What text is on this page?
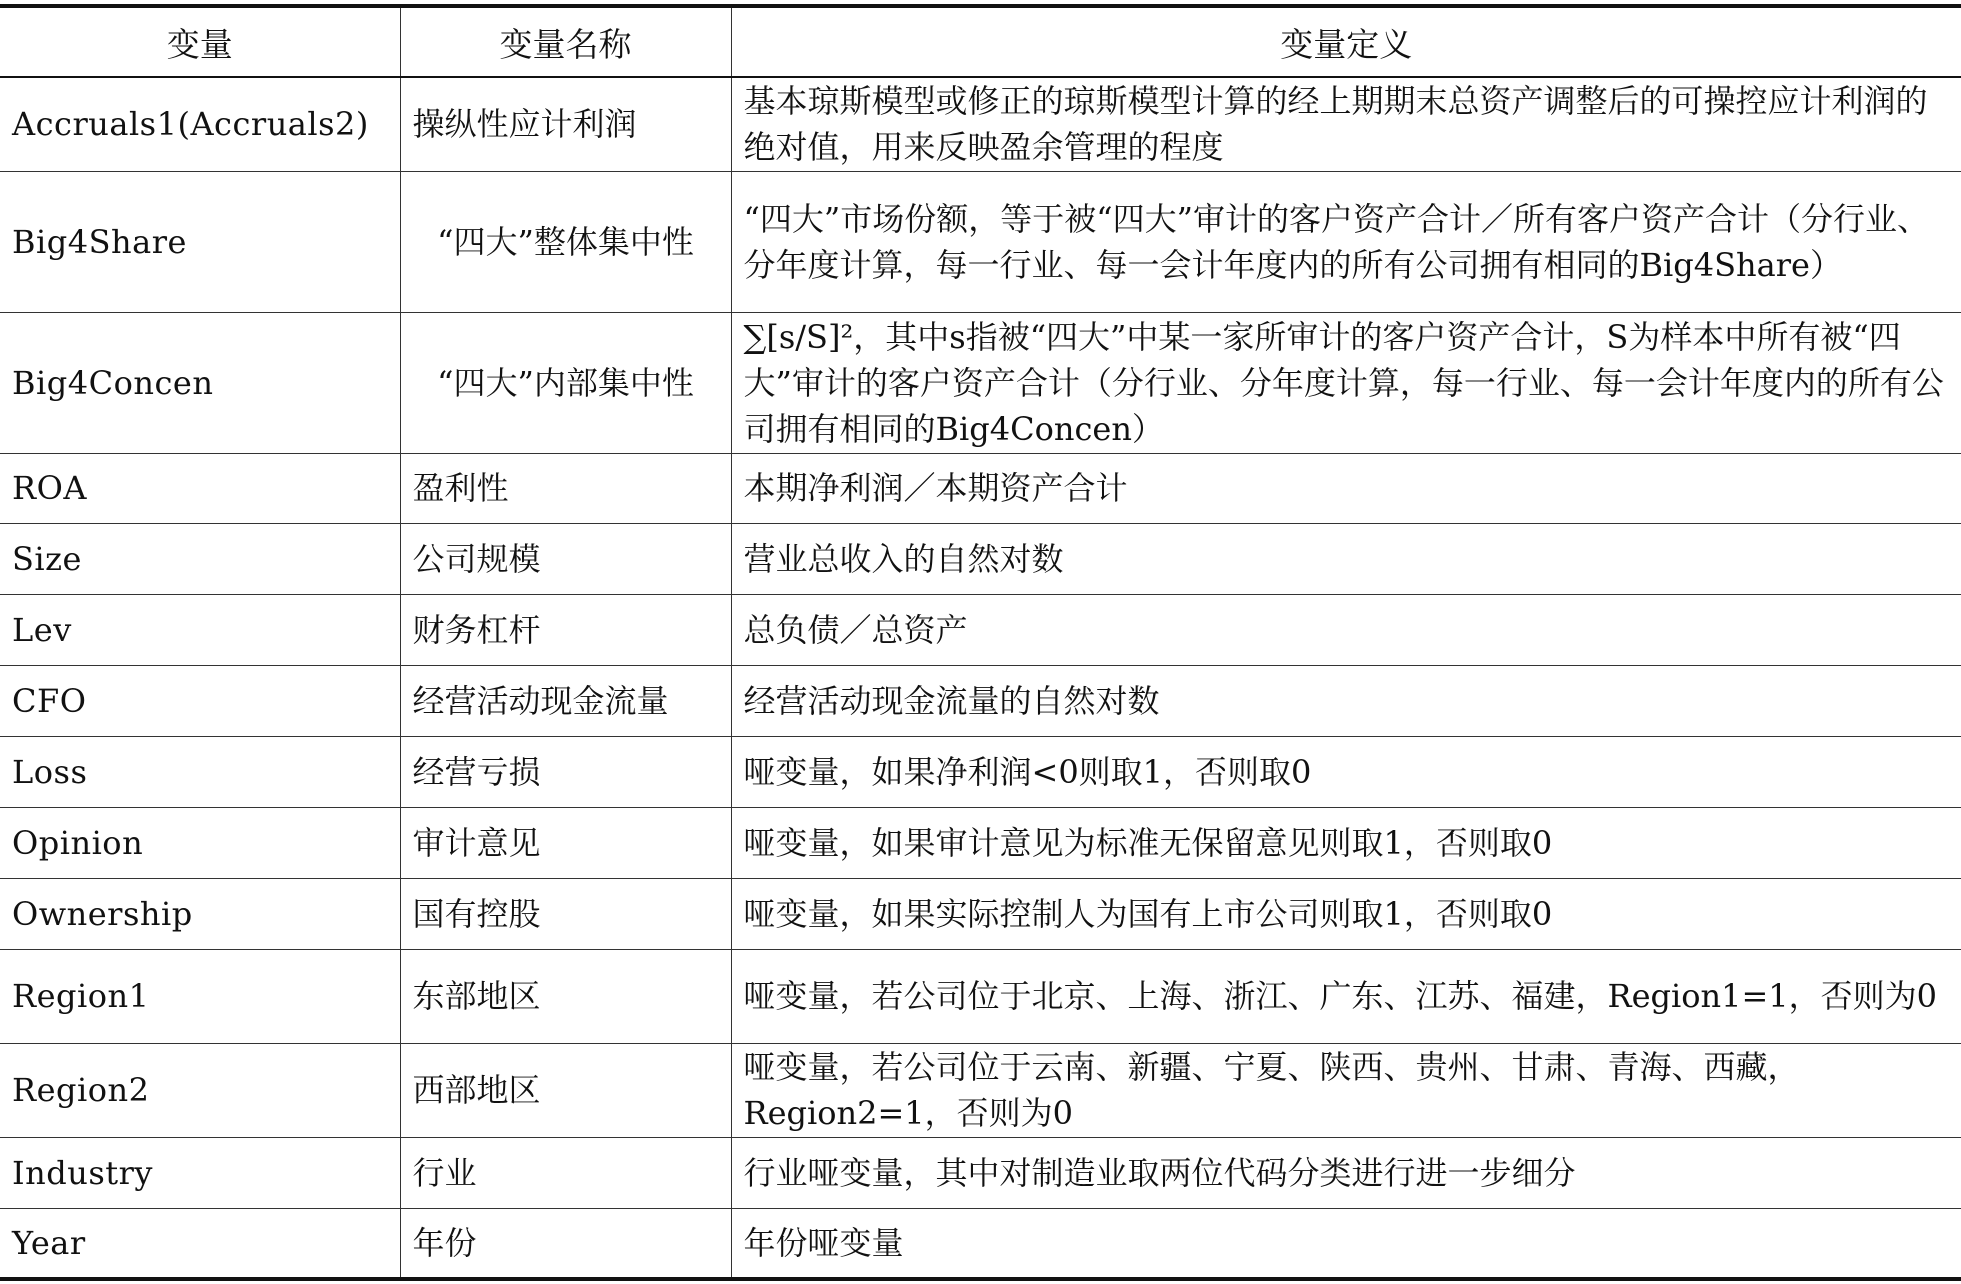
变量	变量名称	变量定义
Accruals1(Accruals2)	操纵性应计利润	基本琼斯模型或修正的琼斯模型计算的经上期期末总资产调整后的可操控应计利润的绝对值，用来反映盈余管理的程度
Big4Share	“四大”整体集中性	“四大”市场份额，等于被“四大”审计的客户资产合计／所有客户资产合计（分行业、分年度计算，每一行业、每一会计年度内的所有公司拥有相同的Big4Share）
Big4Concen	“四大”内部集中性	∑[s/S]²，其中s指被“四大”中某一家所审计的客户资产合计，S为样本中所有被“四大”审计的客户资产合计（分行业、分年度计算，每一行业、每一会计年度内的所有公司拥有相同的Big4Concen）
ROA	盈利性	本期净利润／本期资产合计
Size	公司规模	营业总收入的自然对数
Lev	财务杠杆	总负债／总资产
CFO	经营活动现金流量	经营活动现金流量的自然对数
Loss	经营亏损	哑变量，如果净利润<0则取1，否则取0
Opinion	审计意见	哑变量，如果审计意见为标准无保留意见则取1，否则取0
Ownership	国有控股	哑变量，如果实际控制人为国有上市公司则取1，否则取0
Region1	东部地区	哑变量，若公司位于北京、上海、浙江、广东、江苏、福建，Region1=1，否则为0
Region2	西部地区	哑变量，若公司位于云南、新疆、宁夏、陕西、贵州、甘肃、青海、西藏，Region2=1，否则为0
Industry	行业	行业哑变量，其中对制造业取两位代码分类进行进一步细分
Year	年份	年份哑变量
